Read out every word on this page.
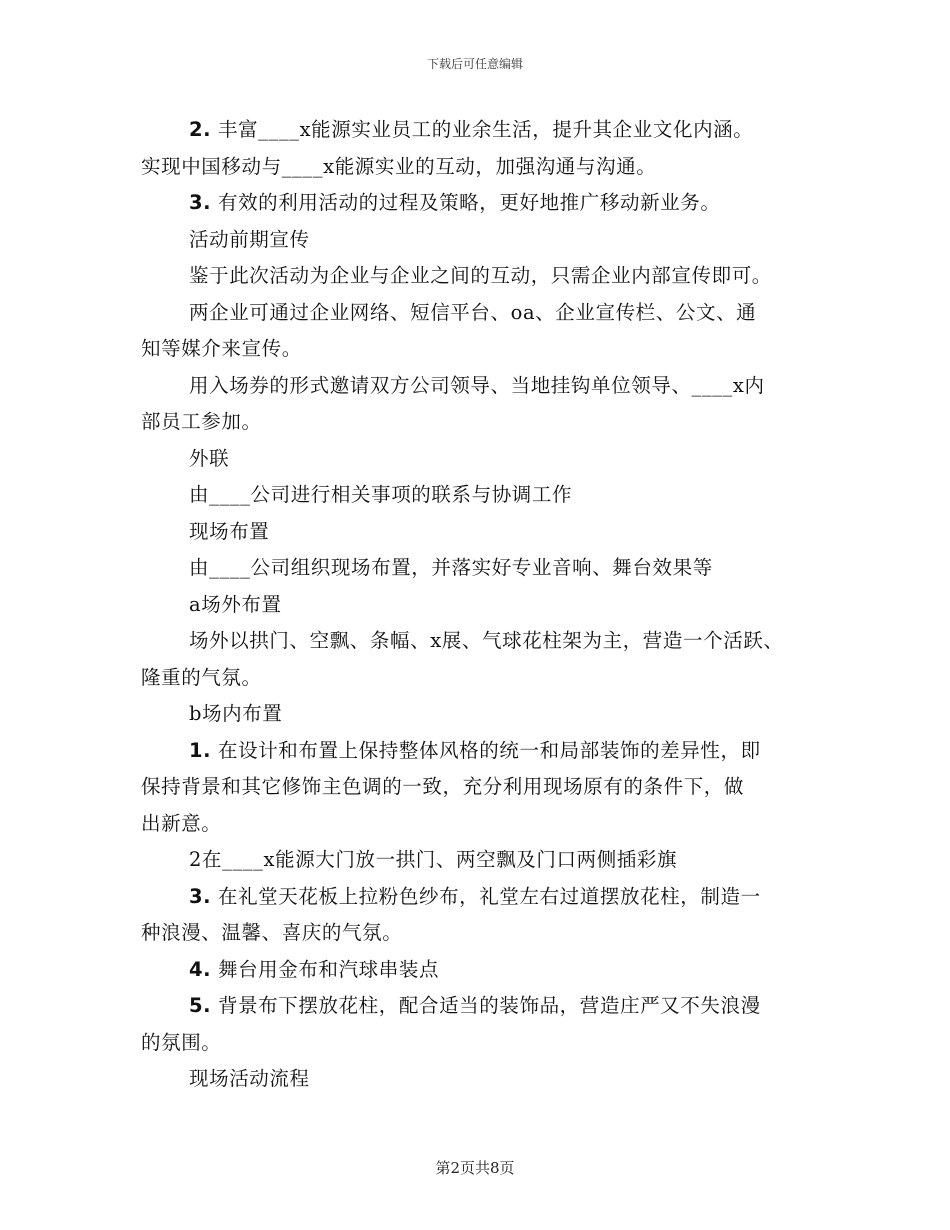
下载后可任意编辑
2. 丰富____x能源实业员工的业余生活，提升其企业文化内涵。
实现中国移动与____x能源实业的互动，加强沟通与沟通。
3. 有效的利用活动的过程及策略，更好地推广移动新业务。
活动前期宣传
鉴于此次活动为企业与企业之间的互动，只需企业内部宣传即可。
两企业可通过企业网络、短信平台、oa、企业宣传栏、公文、通
知等媒介来宣传。
用入场券的形式邀请双方公司领导、当地挂钩单位领导、____x内
部员工参加。
外联
由____公司进行相关事项的联系与协调工作
现场布置
由____公司组织现场布置，并落实好专业音响、舞台效果等
a场外布置
场外以拱门、空飘、条幅、x展、气球花柱架为主，营造一个活跃、
隆重的气氛。
b场内布置
1. 在设计和布置上保持整体风格的统一和局部装饰的差异性，即
保持背景和其它修饰主色调的一致，充分利用现场原有的条件下，做
出新意。
2在____x能源大门放一拱门、两空飘及门口两侧插彩旗
3. 在礼堂天花板上拉粉色纱布，礼堂左右过道摆放花柱，制造一
种浪漫、温馨、喜庆的气氛。
4. 舞台用金布和汽球串装点
5. 背景布下摆放花柱，配合适当的装饰品，营造庄严又不失浪漫
的氛围。
现场活动流程
第2页共8页
